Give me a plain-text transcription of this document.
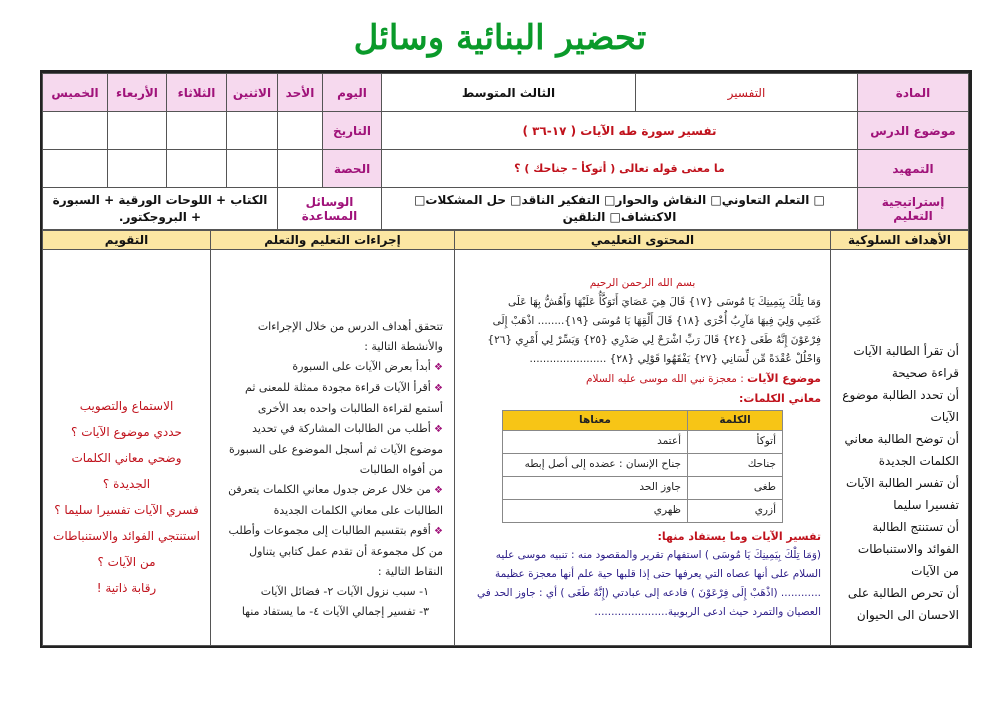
تحضير البنائية وسائل
المادة	التفسير	الثالث المتوسط	اليوم	الأحد	الاثنين	الثلاثاء	الأربعاء	الخميس
موضوع الدرس	تفسير سورة طه الآيات ( ١٧-٣٦ )		التاريخ					
التمهيد	ما معنى قوله تعالى ( أتوكأ – جناحك ) ؟		الحصة					
إستراتيجية التعليم	□ التعلم التعاوني□ النقاش والحوار□ التفكير الناقد□ حل المشكلات□ الاكتشاف□ التلقين		الوسائل المساعدة		الكتاب + اللوحات الورقية + السبورة + البروجكتور.			
الأهداف السلوكية	المحتوى التعليمي	إجراءات التعليم والتعلم	التقويم

أن تقرأ الطالبة الآيات قراءة صحيحة
أن تحدد الطالبة موضوع الآيات
أن توضح الطالبة معاني الكلمات الجديدة
أن تفسر الطالبة الآيات تفسيرا سليما
أن تستنتج الطالبة الفوائد والاستنباطات من الآيات
أن تحرص الطالبة على الاحسان الى الحيوان

بسم الله الرحمن الرحيم
وَمَا تِلْكَ بِيَمِينِكَ يَا مُوسَى {١٧} قَالَ هِيَ عَصَايَ أَتَوَكَّأُ عَلَيْهَا وَأَهُشُّ بِهَا عَلَى
غَنَمِي وَلِيَ فِيهَا مَآرِبُ أُخْرَى {١٨} قَالَ أَلْقِهَا يَا مُوسَى {١٩}........ اذْهَبْ إِلَى
فِرْعَوْنَ إِنَّهُ طَغَى {٢٤} قَالَ رَبِّ اشْرَحْ لِي صَدْرِي {٢٥} وَيَسِّرْ لِي أَمْرِي {٢٦}
وَاحْلُلْ عُقْدَةً مِّن لِّسَانِي {٢٧} يَفْقَهُوا قَوْلِي {٢٨} .......................
موضوع الآيات : معجزة نبي الله موسى عليه السلام
معاني الكلمات:
الكلمة	معناها
أتوكأ	أعتمد
جناحك	جناح الإنسان : عضده إلى أصل إبطه
طغى	جاوز الحد
أزري	ظهري
تفسير الآيات وما يستفاد منها:
(وَمَا تِلْكَ بِيَمِينِكَ يَا مُوسَى ) استفهام تقرير والمقصود منه : تنبيه موسى عليه
السلام على أنها عصاه التي يعرفها حتى إذا قلبها حية علم أنها معجزة عظيمة
............ (اذْهَبْ إِلَى فِرْعَوْنَ ) فادعه إلى عبادتي (إِنَّهُ طَغَى ) أي : جاوز الحد في
العصيان والتمرد حيث ادعى الربوبية......................

تتحقق أهداف الدرس من خلال الإجراءات والأنشطة التالية :
❖ أبدأ بعرض الآيات على السبورة
❖ أقرأ الآيات قراءة مجودة ممثلة للمعنى ثم أستمع لقراءة الطالبات واحده بعد الأخرى
❖ أطلب من الطالبات المشاركة في تحديد موضوع الآيات ثم أسجل الموضوع على السبورة من أفواه الطالبات
❖ من خلال عرض جدول معاني الكلمات يتعرفن الطالبات على معاني الكلمات الجديدة
❖ أقوم بتقسيم الطالبات إلى مجموعات وأطلب من كل مجموعة أن تقدم عمل كتابي يتناول النقاط التالية :
١- سبب نزول الآيات ٢- فضائل الآيات
٣- تفسير إجمالي الآيات ٤- ما يستفاد منها

الاستماع والتصويب
حددي موضوع الآيات ؟
وضحي معاني الكلمات الجديدة ؟
فسري الآيات تفسيرا سليما ؟
استنتجي الفوائد والاستنباطات من الآيات ؟
رقابة ذاتية !
